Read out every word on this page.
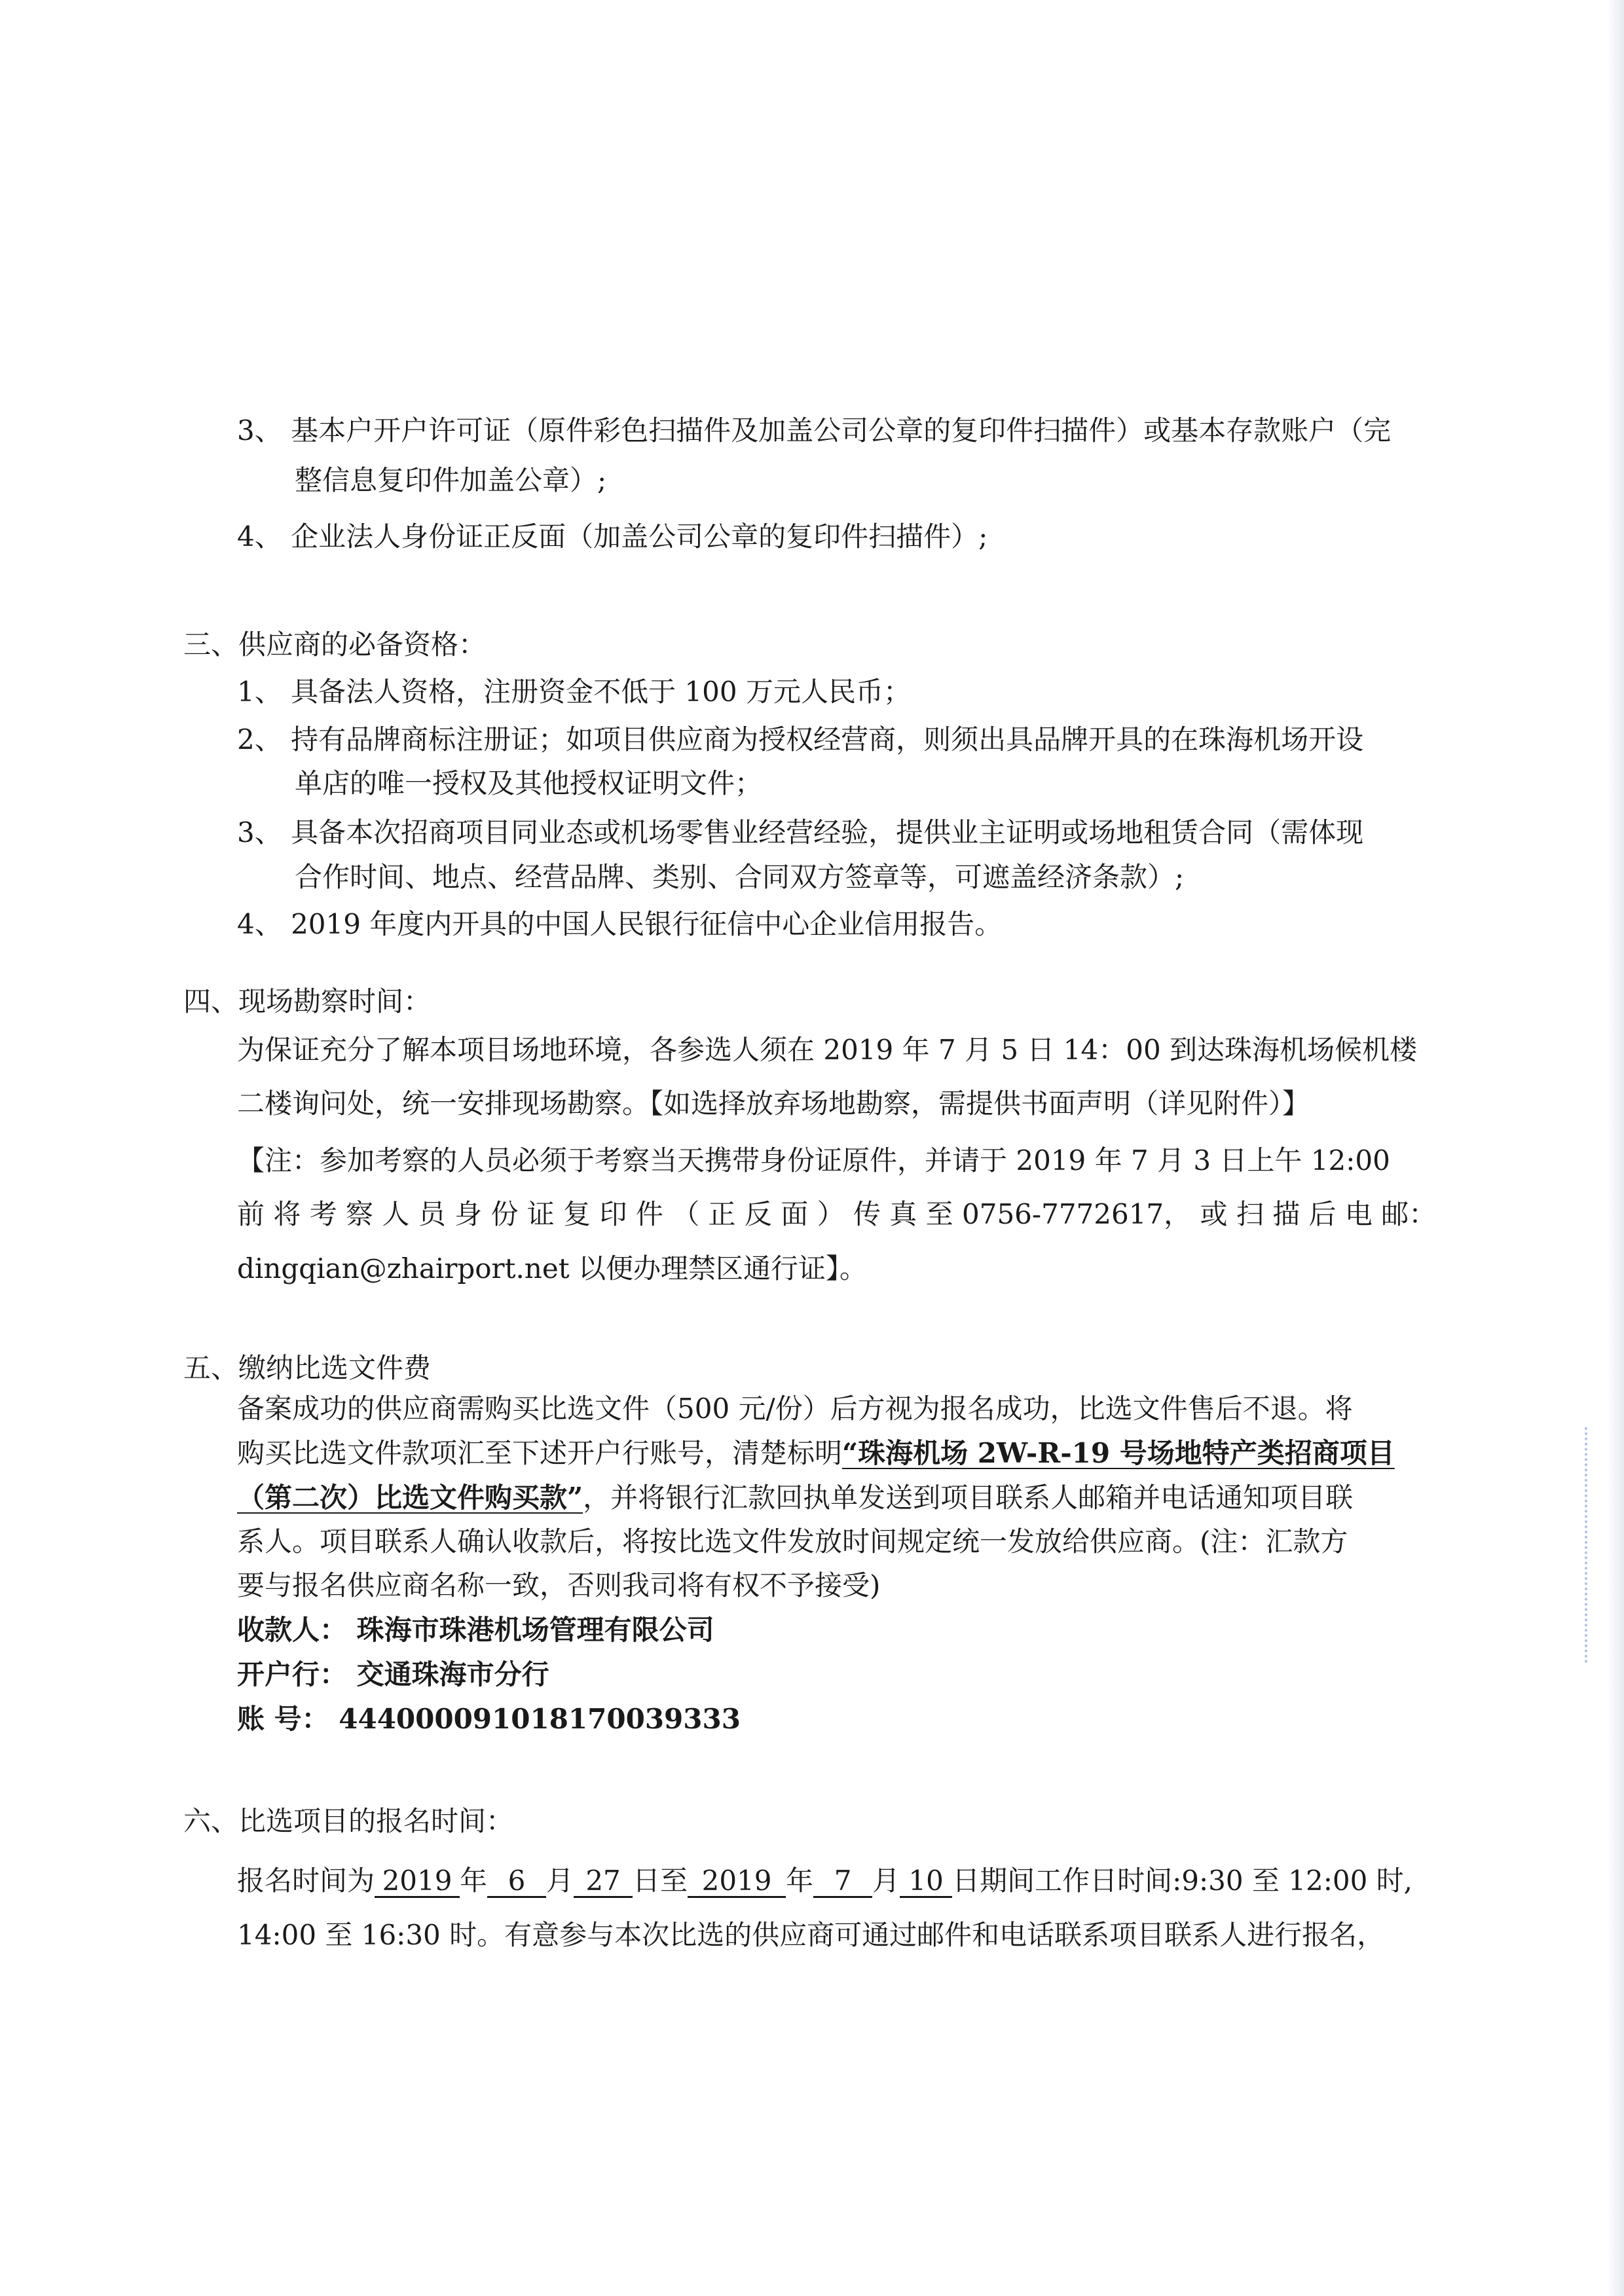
3、 基本户开户许可证（原件彩色扫描件及加盖公司公章的复印件扫描件）或基本存款账户（完
整信息复印件加盖公章）;
4、 企业法人身份证正反面（加盖公司公章的复印件扫描件）;
三、供应商的必备资格：
1、 具备法人资格，注册资金不低于 100 万元人民币；
2、 持有品牌商标注册证；如项目供应商为授权经营商，则须出具品牌开具的在珠海机场开设
单店的唯一授权及其他授权证明文件；
3、 具备本次招商项目同业态或机场零售业经营经验，提供业主证明或场地租赁合同（需体现
合作时间、地点、经营品牌、类别、合同双方签章等，可遮盖经济条款）;
4、 2019 年度内开具的中国人民银行征信中心企业信用报告。
四、现场勘察时间：
为保证充分了解本项目场地环境，各参选人须在 2019 年 7 月 5 日 14：00 到达珠海机场候机楼
二楼询问处，统一安排现场勘察。【如选择放弃场地勘察，需提供书面声明（详见附件）】
【注：参加考察的人员必须于考察当天携带身份证原件，并请于 2019 年 7 月 3 日上午 12:00
前 将 考 察 人 员 身 份 证 复 印 件 （ 正 反 面 ） 传 真 至 0756-7772617， 或 扫 描 后 电 邮：
dingqian@zhairport.net 以便办理禁区通行证】。
五、缴纳比选文件费
备案成功的供应商需购买比选文件（500 元/份）后方视为报名成功，比选文件售后不退。将
购买比选文件款项汇至下述开户行账号，清楚标明“珠海机场 2W-R-19 号场地特产类招商项目
（第二次）比选文件购买款”，并将银行汇款回执单发送到项目联系人邮箱并电话通知项目联
系人。项目联系人确认收款后，将按比选文件发放时间规定统一发放给供应商。(注：汇款方
要与报名供应商名称一致，否则我司将有权不予接受)
收款人： 珠海市珠港机场管理有限公司
开户行： 交通珠海市分行
账 号： 444000091018170039333
六、比选项目的报名时间：
报名时间为 2019 年 6 月 27 日至 2019 年 7 月 10 日期间工作日时间:9:30 至 12:00 时,
14:00 至 16:30 时。有意参与本次比选的供应商可通过邮件和电话联系项目联系人进行报名，
